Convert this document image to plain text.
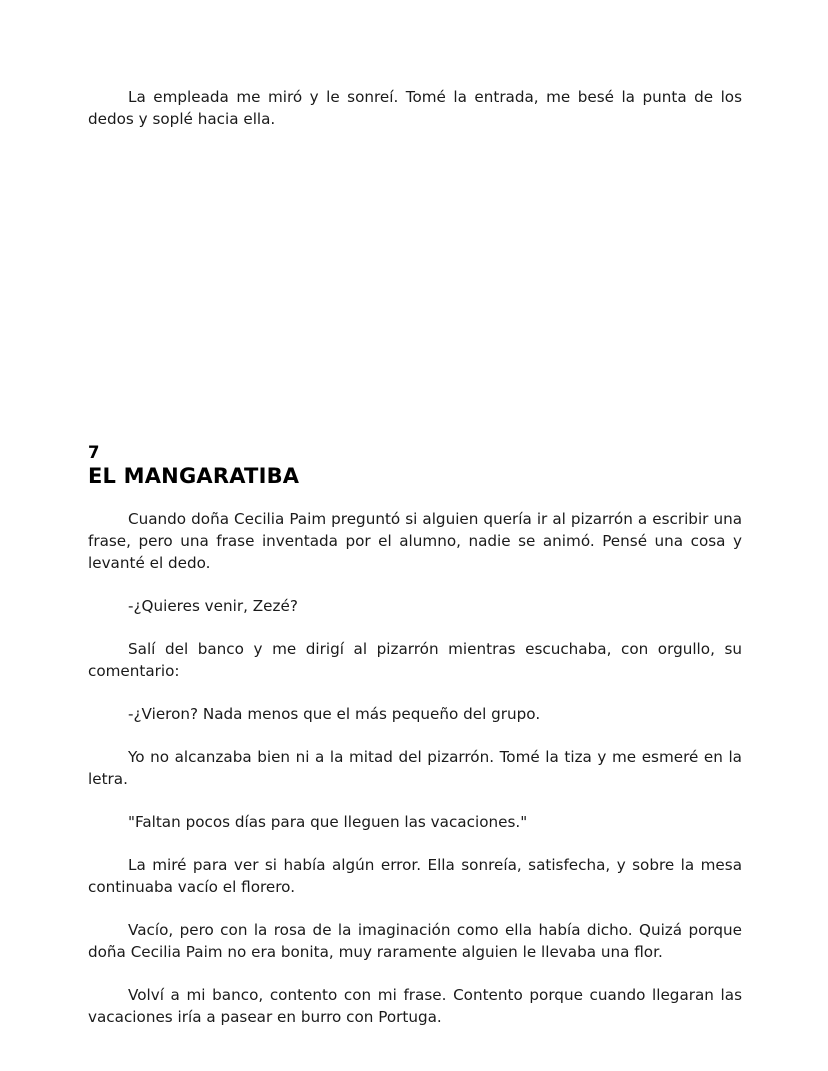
La empleada me miró y le sonreí. Tomé la entrada, me besé la punta de los dedos y soplé hacia ella.

7

EL MANGARATIBA

Cuando doña Cecilia Paim preguntó si alguien quería ir al pizarrón a escribir una frase, pero una frase inventada por el alumno, nadie se animó. Pensé una cosa y levanté el dedo.

-¿Quieres venir, Zezé?

Salí del banco y me dirigí al pizarrón mientras escuchaba, con orgullo, su comentario:

-¿Vieron? Nada menos que el más pequeño del grupo.

Yo no alcanzaba bien ni a la mitad del pizarrón. Tomé la tiza y me esmeré en la letra.

"Faltan pocos días para que lleguen las vacaciones."

La miré para ver si había algún error. Ella sonreía, satisfecha, y sobre la mesa continuaba vacío el florero.

Vacío, pero con la rosa de la imaginación como ella había dicho. Quizá porque doña Cecilia Paim no era bonita, muy raramente alguien le llevaba una flor.

Volví a mi banco, contento con mi frase. Contento porque cuando llegaran las vacaciones iría a pasear en burro con Portuga.
